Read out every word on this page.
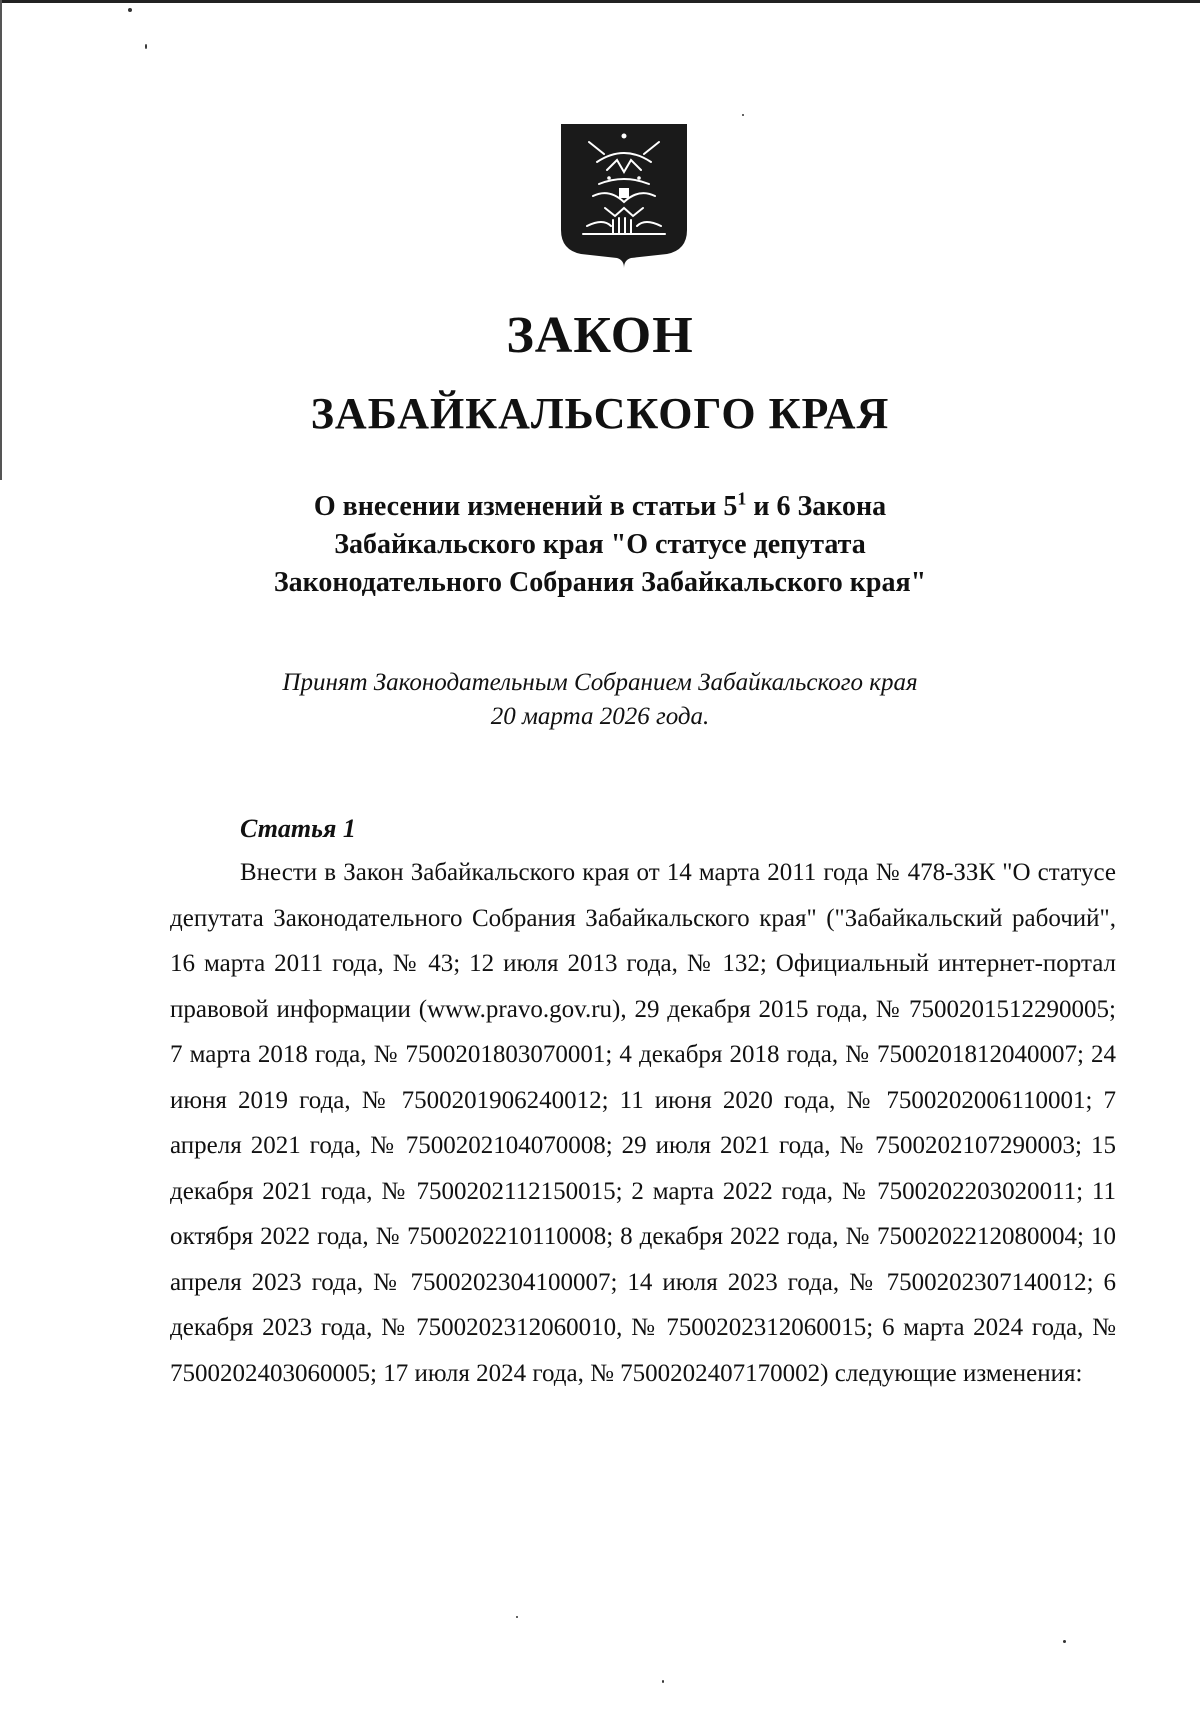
ЗАКОН
ЗАБАЙКАЛЬСКОГО КРАЯ
О внесении изменений в статьи $5^1$ и 6 Закона
Забайкальского края "О статусе депутата
Законодательного Собрания Забайкальского края"
Принят Законодательным Собранием Забайкальского края
20 марта 2026 года.
Статья 1

Внести в Закон Забайкальского края от 14 марта 2011 года № 478-ЗЗК "О статусе депутата Законодательного Собрания Забайкальского края" ("Забайкальский рабочий", 16 марта 2011 года, № 43; 12 июля 2013 года, № 132; Официальный интернет-портал правовой информации (www.pravo.gov.ru), 29 декабря 2015 года, № 7500201512290005; 7 марта 2018 года, № 7500201803070001; 4 декабря 2018 года, № 7500201812040007; 24 июня 2019 года, № 7500201906240012; 11 июня 2020 года, № 7500202006110001; 7 апреля 2021 года, № 7500202104070008; 29 июля 2021 года, № 7500202107290003; 15 декабря 2021 года, № 7500202112150015; 2 марта 2022 года, № 7500202203020011; 11 октября 2022 года, № 7500202210110008; 8 декабря 2022 года, № 7500202212080004; 10 апреля 2023 года, № 7500202304100007; 14 июля 2023 года, № 7500202307140012; 6 декабря 2023 года, № 7500202312060010, № 7500202312060015; 6 марта 2024 года, № 7500202403060005; 17 июля 2024 года, № 7500202407170002) следующие изменения:
